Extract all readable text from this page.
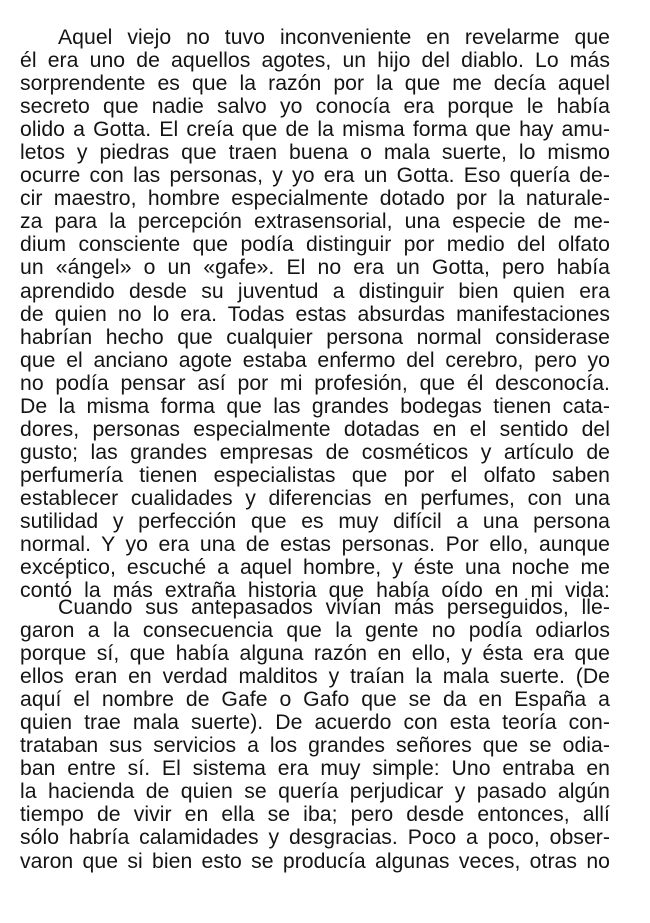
Aquel viejo no tuvo inconveniente en revelarme que
él era uno de aquellos agotes, un hijo del diablo. Lo más
sorprendente es que la razón por la que me decía aquel
secreto que nadie salvo yo conocía era porque le había
olido a Gotta. El creía que de la misma forma que hay amu-
letos y piedras que traen buena o mala suerte, lo mismo
ocurre con las personas, y yo era un Gotta. Eso quería de-
cir maestro, hombre especialmente dotado por la naturale-
za para la percepción extrasensorial, una especie de me-
dium consciente que podía distinguir por medio del olfato
un «ángel» o un «gafe». El no era un Gotta, pero había
aprendido desde su juventud a distinguir bien quien era
de quien no lo era. Todas estas absurdas manifestaciones
habrían hecho que cualquier persona normal considerase
que el anciano agote estaba enfermo del cerebro, pero yo
no podía pensar así por mi profesión, que él desconocía.
De la misma forma que las grandes bodegas tienen cata-
dores, personas especialmente dotadas en el sentido del
gusto; las grandes empresas de cosméticos y artículo de
perfumería tienen especialistas que por el olfato saben
establecer cualidades y diferencias en perfumes, con una
sutilidad y perfección que es muy difícil a una persona
normal. Y yo era una de estas personas. Por ello, aunque
excéptico, escuché a aquel hombre, y éste una noche me
contó la más extraña historia que había oído en mi vida:
Cuando sus antepasados vivían más perseguidos, lle-
garon a la consecuencia que la gente no podía odiarlos
porque sí, que había alguna razón en ello, y ésta era que
ellos eran en verdad malditos y traían la mala suerte. (De
aquí el nombre de Gafe o Gafo que se da en España a
quien trae mala suerte). De acuerdo con esta teoría con-
trataban sus servicios a los grandes señores que se odia-
ban entre sí. El sistema era muy simple: Uno entraba en
la hacienda de quien se quería perjudicar y pasado algún
tiempo de vivir en ella se iba; pero desde entonces, allí
sólo habría calamidades y desgracias. Poco a poco, obser-
varon que si bien esto se producía algunas veces, otras no
